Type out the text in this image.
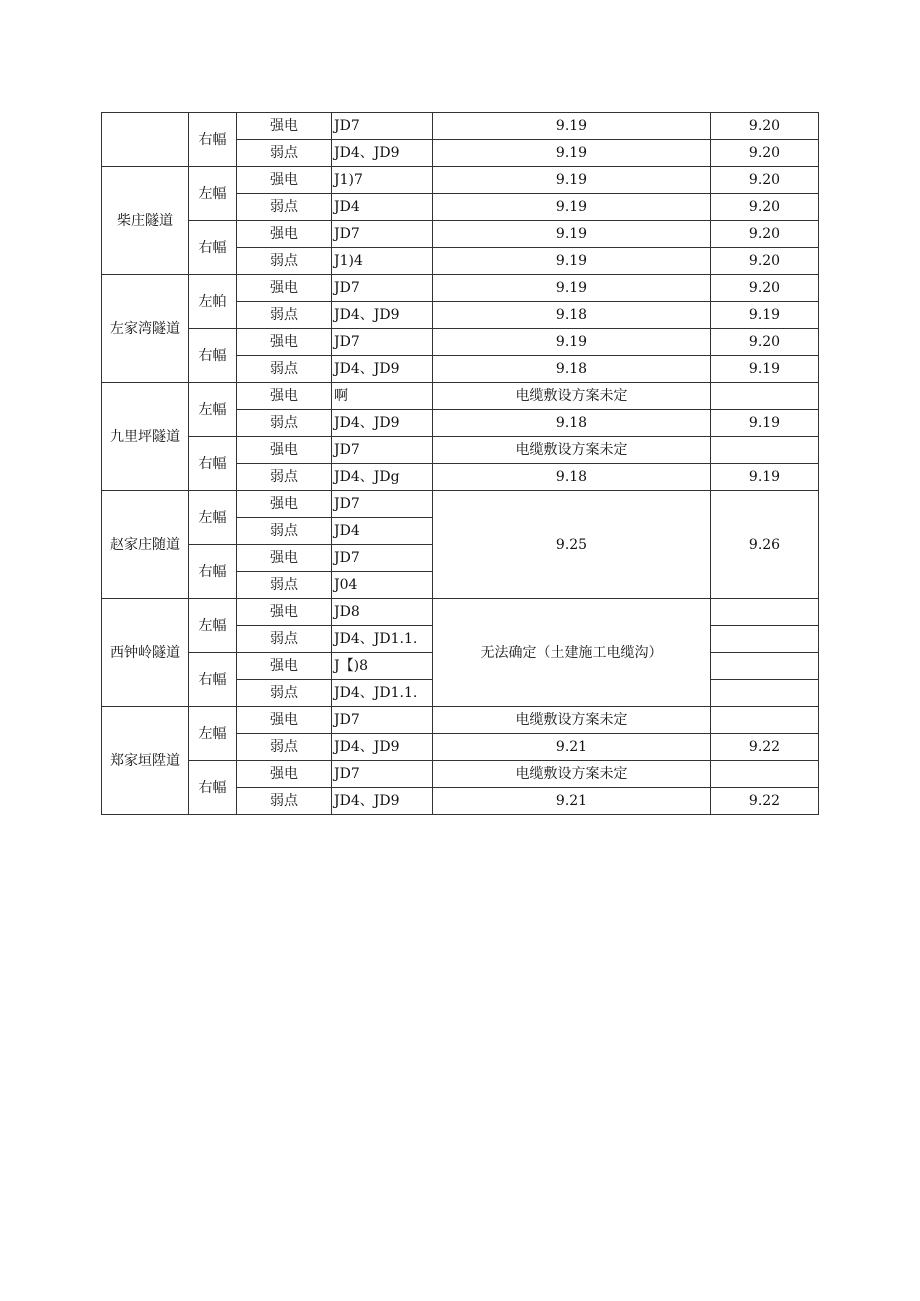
	右幅	强电	JD7	9.19	9.20
		弱点	JD4、JD9	9.19	9.20
柴庄隧道	左幅	强电	J1)7	9.19	9.20
		弱点	JD4	9.19	9.20
	右幅	强电	JD7	9.19	9.20
		弱点	J1)4	9.19	9.20
左家湾隧道	左帕	强电	JD7	9.19	9.20
		弱点	JD4、JD9	9.18	9.19
	右幅	强电	JD7	9.19	9.20
		弱点	JD4、JD9	9.18	9.19
九里坪隧道	左幅	强电	啊	电缆敷设方案未定	
		弱点	JD4、JD9	9.18	9.19
	右幅	强电	JD7	电缆敷设方案未定	
		弱点	JD4、JDg	9.18	9.19
赵家庄随道	左幅	强电	JD7	9.25	9.26
		弱点	JD4		
	右幅	强电	JD7		
		弱点	J04		
西钟岭隧道	左幅	强电	JD8	无法确定（土建施工电缆沟）	
		弱点	JD4、JD1.1.		
	右幅	强电	J【)8		
		弱点	JD4、JD1.1.		
郑家垣陞道	左幅	强电	JD7	电缆敷设方案未定	
		弱点	JD4、JD9	9.21	9.22
	右幅	强电	JD7	电缆敷设方案未定	
		弱点	JD4、JD9	9.21	9.22
